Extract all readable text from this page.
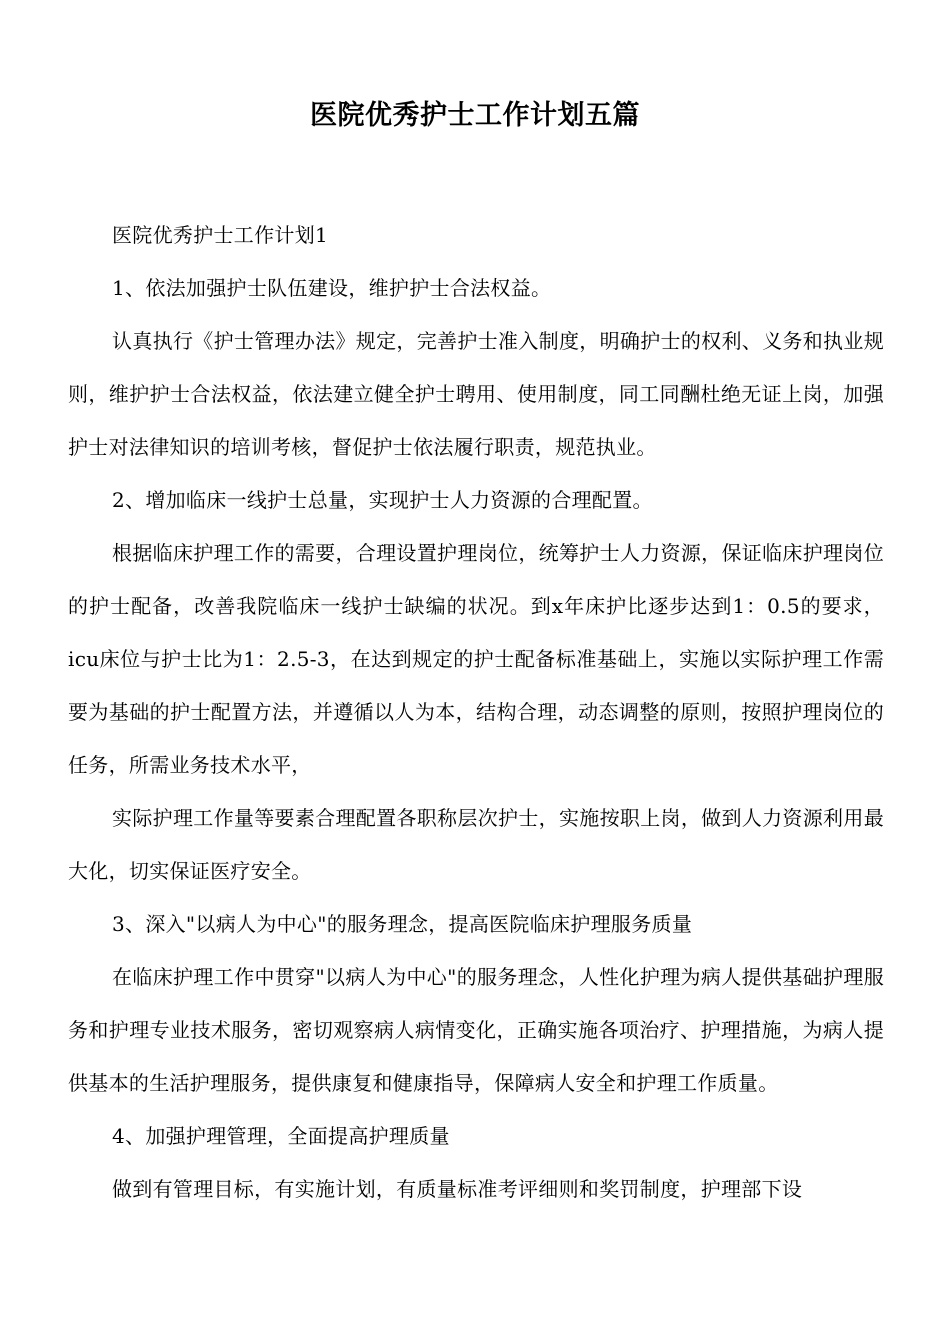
医院优秀护士工作计划五篇

医院优秀护士工作计划1

1、依法加强护士队伍建设，维护护士合法权益。

认真执行《护士管理办法》规定，完善护士准入制度，明确护士的权利、义务和执业规则，维护护士合法权益，依法建立健全护士聘用、使用制度，同工同酬杜绝无证上岗，加强护士对法律知识的培训考核，督促护士依法履行职责，规范执业。

2、增加临床一线护士总量，实现护士人力资源的合理配置。

根据临床护理工作的需要，合理设置护理岗位，统筹护士人力资源，保证临床护理岗位的护士配备，改善我院临床一线护士缺编的状况。到x年床护比逐步达到1：0.5的要求，icu床位与护士比为1：2.5-3，在达到规定的护士配备标准基础上，实施以实际护理工作需要为基础的护士配置方法，并遵循以人为本，结构合理，动态调整的原则，按照护理岗位的任务，所需业务技术水平，

实际护理工作量等要素合理配置各职称层次护士，实施按职上岗，做到人力资源利用最大化，切实保证医疗安全。

3、深入"以病人为中心"的服务理念，提高医院临床护理服务质量

在临床护理工作中贯穿"以病人为中心"的服务理念，人性化护理为病人提供基础护理服务和护理专业技术服务，密切观察病人病情变化，正确实施各项治疗、护理措施，为病人提供基本的生活护理服务，提供康复和健康指导，保障病人安全和护理工作质量。

4、加强护理管理，全面提高护理质量

做到有管理目标，有实施计划，有质量标准考评细则和奖罚制度，护理部下设
